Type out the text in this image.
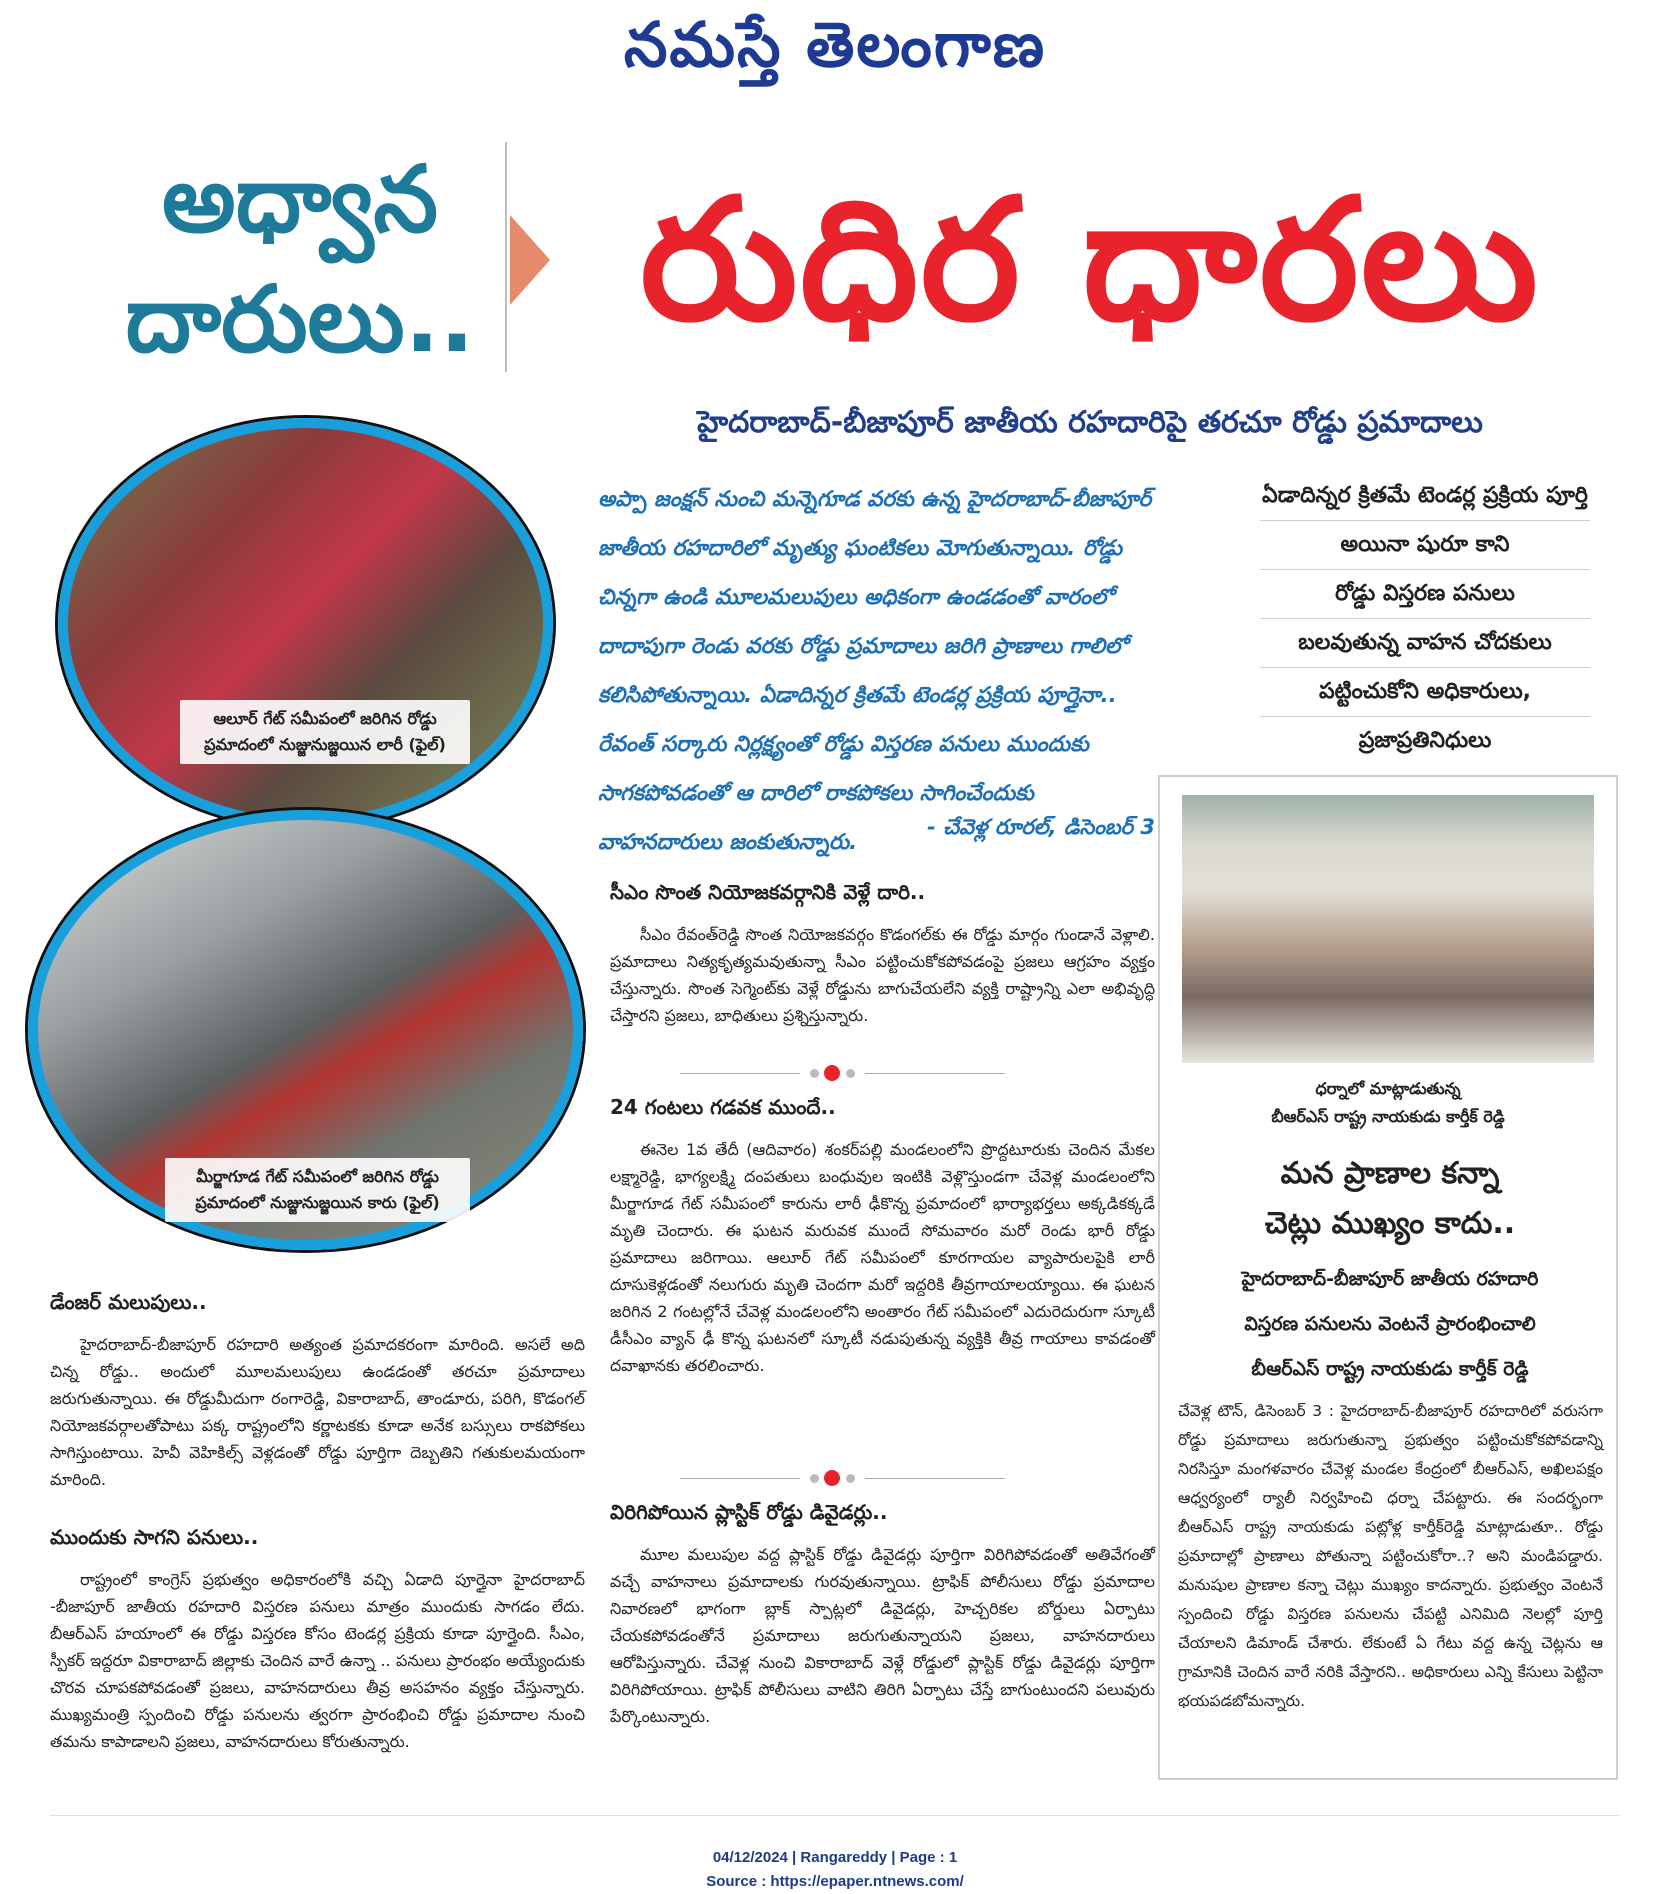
నమస్తే తెలంగాణ
అధ్వాన
దారులు.. రుధిర ధారలు
హైదరాబాద్-బీజాపూర్ జాతీయ రహదారిపై తరచూ రోడ్డు ప్రమాదాలు
ఆలూర్ గేట్ సమీపంలో జరిగిన రోడ్డు ప్రమాదంలో నుజ్జునుజ్జయిన లారీ (ఫైల్)
మీర్జాగూడ గేట్ సమీపంలో జరిగిన రోడ్డు ప్రమాదంలో నుజ్జునుజ్జయిన కారు (ఫైల్)
అప్పా జంక్షన్ నుంచి మన్నెగూడ వరకు ఉన్న హైదరాబాద్-బీజాపూర్ జాతీయ రహదారిలో మృత్యు ఘంటికలు మోగుతున్నాయి. రోడ్డు చిన్నగా ఉండి మూలమలుపులు అధికంగా ఉండడంతో వారంలో దాదాపుగా రెండు వరకు రోడ్డు ప్రమాదాలు జరిగి ప్రాణాలు గాలిలో కలిసిపోతున్నాయి. ఏడాదిన్నర క్రితమే టెండర్ల ప్రక్రియ పూర్తైనా.. రేవంత్ సర్కారు నిర్లక్ష్యంతో రోడ్డు విస్తరణ పనులు ముందుకు సాగకపోవడంతో ఆ దారిలో రాకపోకలు సాగించేందుకు వాహనదారులు జంకుతున్నారు.
- చేవెళ్ల రూరల్, డిసెంబర్ 3
ఏడాదిన్నర క్రితమే టెండర్ల ప్రక్రియ పూర్తి
అయినా షురూ కాని
రోడ్డు విస్తరణ పనులు
బలవుతున్న వాహన చోదకులు
పట్టించుకోని అధికారులు,
ప్రజాప్రతినిధులు
ధర్నాలో మాట్లాడుతున్న
బీఆర్ఎస్ రాష్ట్ర నాయకుడు కార్తీక్ రెడ్డి
మన ప్రాణాల కన్నా
చెట్లు ముఖ్యం కాదు..
హైదరాబాద్-బీజాపూర్ జాతీయ రహదారి
విస్తరణ పనులను వెంటనే ప్రారంభించాలి
బీఆర్ఎస్ రాష్ట్ర నాయకుడు కార్తీక్ రెడ్డి
చేవెళ్ల టౌన్, డిసెంబర్ 3 : హైదరాబాద్-బీజాపూర్ రహదారిలో వరుసగా రోడ్డు ప్రమాదాలు జరుగుతున్నా ప్రభుత్వం పట్టించుకోకపోవడాన్ని నిరసిస్తూ మంగళవారం చేవెళ్ల మండల కేంద్రంలో బీఆర్ఎస్, అఖిలపక్షం ఆధ్వర్యంలో ర్యాలీ నిర్వహించి ధర్నా చేపట్టారు. ఈ సందర్భంగా బీఆర్ఎస్ రాష్ట్ర నాయకుడు పట్లోళ్ల కార్తీక్‌రెడ్డి మాట్లాడుతూ.. రోడ్డు ప్రమాదాల్లో ప్రాణాలు పోతున్నా పట్టించుకోరా..? అని మండిపడ్డారు. మనుషుల ప్రాణాల కన్నా చెట్లు ముఖ్యం కాదన్నారు. ప్రభుత్వం వెంటనే స్పందించి రోడ్డు విస్తరణ పనులను చేపట్టి ఎనిమిది నెలల్లో పూర్తి చేయాలని డిమాండ్ చేశారు. లేకుంటే ఏ గేటు వద్ద ఉన్న చెట్లను ఆ గ్రామానికి చెందిన వారే నరికి వేస్తారని.. అధికారులు ఎన్ని కేసులు పెట్టినా భయపడబోమన్నారు.
సీఎం సొంత నియోజకవర్గానికి వెళ్లే దారి..
సీఎం రేవంత్‌రెడ్డి సొంత నియోజకవర్గం కొడంగల్‌కు ఈ రోడ్డు మార్గం గుండానే వెళ్లాలి. ప్రమాదాలు నిత్యకృత్యమవుతున్నా సీఎం పట్టించుకోకపోవడంపై ప్రజలు ఆగ్రహం వ్యక్తం చేస్తున్నారు. సొంత సెగ్మెంట్‌కు వెళ్లే రోడ్డును బాగుచేయలేని వ్యక్తి రాష్ట్రాన్ని ఎలా అభివృద్ధి చేస్తారని ప్రజలు, బాధితులు ప్రశ్నిస్తున్నారు.
24 గంటలు గడవక ముందే..
ఈనెల 1వ తేదీ (ఆదివారం) శంకర్‌పల్లి మండలంలోని ప్రొద్దటూరుకు చెందిన మేకల లక్ష్మారెడ్డి, భాగ్యలక్ష్మి దంపతులు బంధువుల ఇంటికి వెళ్లొస్తుండగా చేవెళ్ల మండలంలోని మీర్జాగూడ గేట్ సమీపంలో కారును లారీ ఢీకొన్న ప్రమాదంలో భార్యాభర్తలు అక్కడికక్కడే మృతి చెందారు. ఈ ఘటన మరువక ముందే సోమవారం మరో రెండు భారీ రోడ్డు ప్రమాదాలు జరిగాయి. ఆలూర్ గేట్ సమీపంలో కూరగాయల వ్యాపారులపైకి లారీ దూసుకెళ్లడంతో నలుగురు మృతి చెందగా మరో ఇద్దరికి తీవ్రగాయాలయ్యాయి. ఈ ఘటన జరిగిన 2 గంటల్లోనే చేవెళ్ల మండలంలోని అంతారం గేట్ సమీపంలో ఎదురెదురుగా స్కూటీ డీసీఎం వ్యాన్ ఢీ కొన్న ఘటనలో స్కూటీ నడుపుతున్న వ్యక్తికి తీవ్ర గాయాలు కావడంతో దవాఖానకు తరలించారు.
విరిగిపోయిన ప్లాస్టిక్ రోడ్డు డివైడర్లు..
మూల మలుపుల వద్ద ప్లాస్టిక్ రోడ్డు డివైడర్లు పూర్తిగా విరిగిపోవడంతో అతివేగంతో వచ్చే వాహనాలు ప్రమాదాలకు గురవుతున్నాయి. ట్రాఫిక్ పోలీసులు రోడ్డు ప్రమాదాల నివారణలో భాగంగా బ్లాక్ స్పాట్లలో డివైడర్లు, హెచ్చరికల బోర్డులు ఏర్పాటు చేయకపోవడంతోనే ప్రమాదాలు జరుగుతున్నాయని ప్రజలు, వాహనదారులు ఆరోపిస్తున్నారు. చేవెళ్ల నుంచి వికారాబాద్ వెళ్లే రోడ్డులో ప్లాస్టిక్ రోడ్డు డివైడర్లు పూర్తిగా విరిగిపోయాయి. ట్రాఫిక్ పోలీసులు వాటిని తిరిగి ఏర్పాటు చేస్తే బాగుంటుందని పలువురు పేర్కొంటున్నారు.
డేంజర్ మలుపులు..
హైదరాబాద్-బీజాపూర్ రహదారి అత్యంత ప్రమాదకరంగా మారింది. అసలే అది చిన్న రోడ్డు.. అందులో మూలమలుపులు ఉండడంతో తరచూ ప్రమాదాలు జరుగుతున్నాయి. ఈ రోడ్డుమీదుగా రంగారెడ్డి, వికారాబాద్, తాండూరు, పరిగి, కొడంగల్ నియోజకవర్గాలతోపాటు పక్క రాష్ట్రంలోని కర్ణాటకకు కూడా అనేక బస్సులు రాకపోకలు సాగిస్తుంటాయి. హెవీ వెహికిల్స్ వెళ్లడంతో రోడ్డు పూర్తిగా దెబ్బతిని గతుకులమయంగా మారింది.
ముందుకు సాగని పనులు..
రాష్ట్రంలో కాంగ్రెస్ ప్రభుత్వం అధికారంలోకి వచ్చి ఏడాది పూర్తైనా హైదరాబాద్ -బీజాపూర్ జాతీయ రహదారి విస్తరణ పనులు మాత్రం ముందుకు సాగడం లేదు. బీఆర్ఎస్ హయాంలో ఈ రోడ్డు విస్తరణ కోసం టెండర్ల ప్రక్రియ కూడా పూర్తైంది. సీఎం, స్పీకర్ ఇద్దరూ వికారాబాద్ జిల్లాకు చెందిన వారే ఉన్నా .. పనులు ప్రారంభం అయ్యేందుకు చొరవ చూపకపోవడంతో ప్రజలు, వాహనదారులు తీవ్ర అసహనం వ్యక్తం చేస్తున్నారు. ముఖ్యమంత్రి స్పందించి రోడ్డు పనులను త్వరగా ప్రారంభించి రోడ్డు ప్రమాదాల నుంచి తమను కాపాడాలని ప్రజలు, వాహనదారులు కోరుతున్నారు.
04/12/2024 | Rangareddy | Page : 1
Source : https://epaper.ntnews.com/
